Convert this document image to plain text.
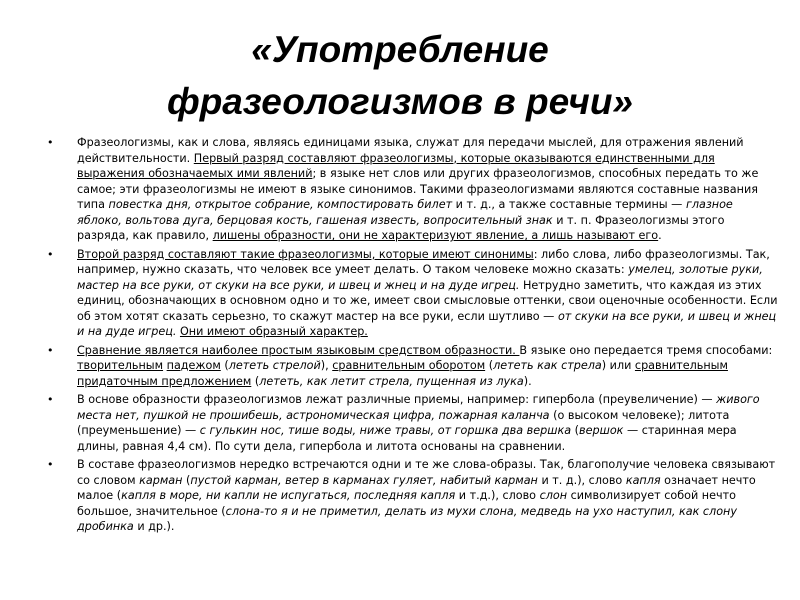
«Употребление
фразеологизмов в речи»
• Фразеологизмы, как и слова, являясь единицами языка, служат для передачи мыслей, для отражения явлений действительности. Первый разряд составляют фразеологизмы, которые оказываются единственными для выражения обозначаемых ими явлений; в языке нет слов или других фразеологизмов, способных передать то же самое; эти фразеологизмы не имеют в языке синонимов. Такими фразеологизмами являются составные названия типа повестка дня, открытое собрание, компостировать билет и т. д., а также составные термины — глазное яблоко, вольтова дуга, берцовая кость, гашеная известь, вопросительный знак и т. п. Фразеологизмы этого разряда, как правило, лишены образности, они не характеризуют явление, а лишь называют его.
• Второй разряд составляют такие фразеологизмы, которые имеют синонимы: либо слова, либо фразеологизмы. Так, например, нужно сказать, что человек все умеет делать. О таком человеке можно сказать: умелец, золотые руки, мастер на все руки, от скуки на все руки, и швец и жнец и на дуде игрец. Нетрудно заметить, что каждая из этих единиц, обозначающих в основном одно и то же, имеет свои смысловые оттенки, свои оценочные особенности. Если об этом хотят сказать серьезно, то скажут мастер на все руки, если шутливо — от скуки на все руки, и швец и жнец и на дуде игрец. Они имеют образный характер.
• Сравнение является наиболее простым языковым средством образности. В языке оно передается тремя способами: творительным падежом (лететь стрелой), сравнительным оборотом (лететь как стрела) или сравнительным придаточным предложением (лететь, как летит стрела, пущенная из лука).
• В основе образности фразеологизмов лежат различные приемы, например: гипербола (преувеличение) — живого места нет, пушкой не прошибешь, астрономическая цифра, пожарная каланча (о высоком человеке); литота (преуменьшение) — с гулькин нос, тише воды, ниже травы, от горшка два вершка (вершок — старинная мера длины, равная 4,4 см). По сути дела, гипербола и литота основаны на сравнении.
• В составе фразеологизмов нередко встречаются одни и те же слова-образы. Так, благополучие человека связывают со словом карман (пустой карман, ветер в карманах гуляет, набитый карман и т. д.), слово капля означает нечто малое (капля в море, ни капли не испугаться, последняя капля и т.д.), слово слон символизирует собой нечто большое, значительное (слона-то я и не приметил, делать из мухи слона, медведь на ухо наступил, как слону дробинка и др.).
